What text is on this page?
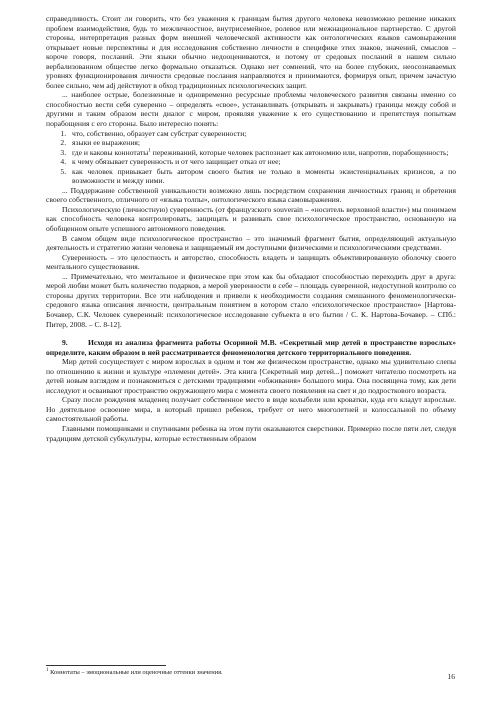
справедливость. Стоит ли говорить, что без уважения к границам бытия другого человека невозможно решение никаких проблем взаимодействия, будь то межличностное, внутрисемейное, ролевое или межнациональное партнерство. С другой стороны, интерпретация разных форм внешней человеческой активности как онтологических языков самовыражения открывает новые перспективы и для исследования собственно личности в специфике этих знаков, значений, смыслов – короче говоря, посланий. Эти языки обычно недооцениваются, и потому от средовых посланий в нашем сильно вербализованном обществе легко формально отказаться. Однако нет сомнений, что на более глубоких, неосознаваемых уровнях функционирования личности средовые послания направляются и принимаются, формируя опыт, причем зачастую более сильно, чем adj действуют в обход традиционных психологических защит.

... наиболее острые, болезненные и одновременно ресурсные проблемы человеческого развития связаны именно со способностью вести себя суверенно – определять «свое», устанавливать (открывать и закрывать) границы между собой и другими и таким образом вести диалог с миром, проявляя уважение к его существованию и препятствуя попыткам порабощения с его стороны. Было интересно понять:

1. что, собственно, образует сам субстрат суверенности;
2. языки ее выражения;
3. где и каковы коннотаты$^1$ переживаний, которые человек распознает как автономию или, напротив, порабощенность;
4. к чему обязывает суверенность и от чего защищает отказ от нее;
5. как человек привыкает быть автором своего бытия не только в моменты экзистенциальных кризисов, а по возможности и между ними.

... Поддержание собственной уникальности возможно лишь посредством сохранения личностных границ и обретения своего собственного, отличного от «языка толпы», онтологического языка самовыражения.

Психологическую (личностную) суверенность (от французского souverain – «носитель верховной власти») мы понимаем как способность человека контролировать, защищать и развивать свое психологическое пространство, основанную на обобщенном опыте успешного автономного поведения.

В самом общем виде психологическое пространство – это значимый фрагмент бытия, определяющий актуальную деятельность и стратегию жизни человека и защищаемый им доступными физическими и психологическими средствами.

Суверенность – это целостность и авторство, способность владеть и защищать объективированную оболочку своего ментального существования.

... Примечательно, что ментальное и физическое при этом как бы обладают способностью переходить друг в друга: мерой любви может быть количество подарков, а мерой уверенности в себе – площадь суверенной, недоступной контролю со стороны других территории. Все эти наблюдения и привели к необходимости создания смешанного феноменологически-средового языка описания личности, центральным понятием в котором стало «психологическое пространство» [Нартова-Бочавер, С.К. Человек суверенный: психологическое исследование субъекта в его бытии / С. К. Нартова-Бочавер. – СПб.: Питер, 2008. – С. 8-12].

9.	Исходя из анализа фрагмента работы Осориной М.В. «Секретный мир детей в пространстве взрослых» определите, каким образом в ней рассматривается феноменология детского территориального поведения.

Мир детей сосуществует с миром взрослых в одном и том же физическом пространстве, однако мы удивительно слепы по отношению к жизни и культуре «племени детей». Эта книга [Секретный мир детей...] поможет читателю посмотреть на детей новым взглядом и познакомиться с детскими традициями «обживания» большого мира. Она посвящена тому, как дети исследуют и осваивают пространство окружающего мира с момента своего появления на свет и до подросткового возраста.

Сразу после рождения младенец получает собственное место в виде колыбели или кроватки, куда его кладут взрослые. Но деятельное освоение мира, в который пришел ребенок, требует от него многолетней и колоссальной по объему самостоятельной работы.

Главными помощниками и спутниками ребенка на этом пути оказываются сверстники. Примерно после пяти лет, следуя традициям детской субкультуры, которые естественным образом

$^1$ Коннотаты – эмоциональные или оценочные оттенки значения.	16
